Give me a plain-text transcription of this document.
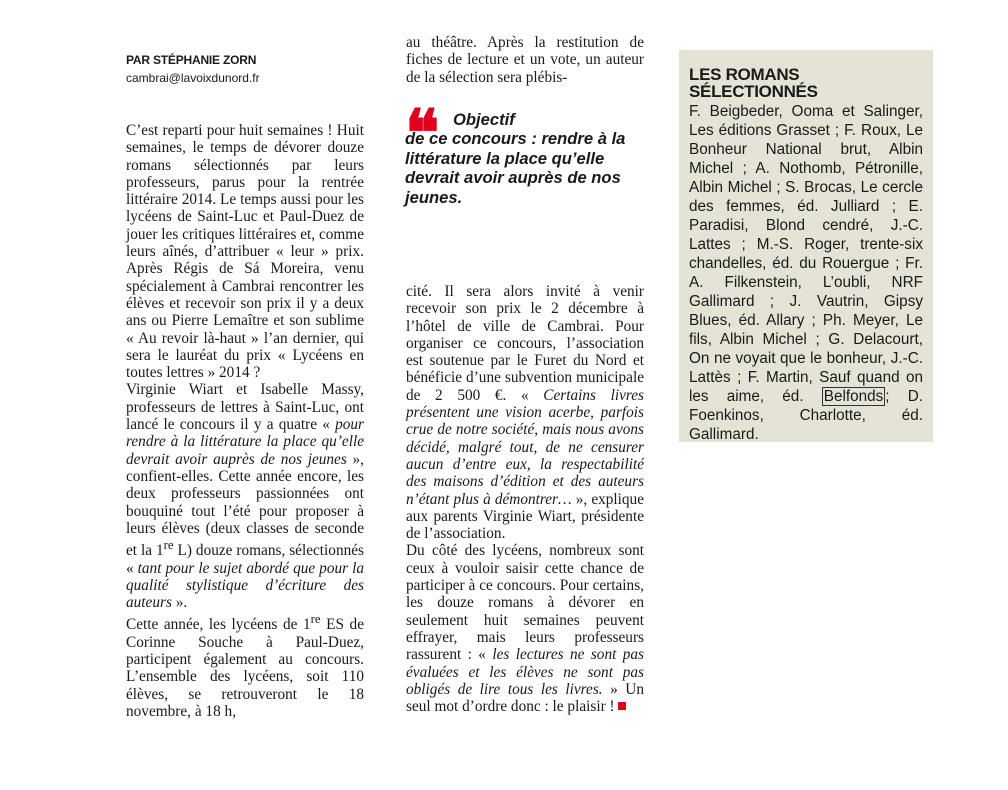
PAR STÉPHANIE ZORN
cambrai@lavoixdunord.fr

C’est reparti pour huit semaines ! Huit semaines, le temps de dévorer douze romans sélectionnés par leurs professeurs, parus pour la rentrée littéraire 2014. Le temps aussi pour les lycéens de Saint-Luc et Paul-Duez de jouer les critiques littéraires et, comme leurs aînés, d’attribuer « leur » prix. Après Régis de Sá Moreira, venu spécialement à Cambrai rencontrer les élèves et recevoir son prix il y a deux ans ou Pierre Lemaître et son sublime « Au revoir là-haut » l’an dernier, qui sera le lauréat du prix « Lycéens en toutes lettres » 2014 ?

Virginie Wiart et Isabelle Massy, professeurs de lettres à Saint-Luc, ont lancé le concours il y a quatre « pour rendre à la littérature la place qu’elle devrait avoir auprès de nos jeunes », confient-elles. Cette année encore, les deux professeurs passionnées ont bouquiné tout l’été pour proposer à leurs élèves (deux classes de seconde et la 1re L) douze romans, sélectionnés « tant pour le sujet abordé que pour la qualité stylistique d’écriture des auteurs ».

Cette année, les lycéens de 1re ES de Corinne Souche à Paul-Duez, participent également au concours. L’ensemble des lycéens, soit 110 élèves, se retrouveront le 18 novembre, à 18 h,

au théâtre. Après la restitution de fiches de lecture et un vote, un auteur de la sélection sera plébis-

❝ Objectif
de ce concours : rendre à la littérature la place qu’elle devrait avoir auprès de nos jeunes.

cité. Il sera alors invité à venir recevoir son prix le 2 décembre à l’hôtel de ville de Cambrai. Pour organiser ce concours, l’association est soutenue par le Furet du Nord et bénéficie d’une subvention municipale de 2 500 €. « Certains livres présentent une vision acerbe, parfois crue de notre société, mais nous avons décidé, malgré tout, de ne censurer aucun d’entre eux, la respectabilité des maisons d’édition et des auteurs n’étant plus à démontrer… », explique aux parents Virginie Wiart, présidente de l’association.

Du côté des lycéens, nombreux sont ceux à vouloir saisir cette chance de participer à ce concours. Pour certains, les douze romans à dévorer en seulement huit semaines peuvent effrayer, mais leurs professeurs rassurent : « les lectures ne sont pas évaluées et les élèves ne sont pas obligés de lire tous les livres. » Un seul mot d’ordre donc : le plaisir !

LES ROMANS
SÉLECTIONNÉS
F. Beigbeder, Ooma et Salinger, Les éditions Grasset ; F. Roux, Le Bonheur National brut, Albin Michel ; A. Nothomb, Pétronille, Albin Michel ; S. Brocas, Le cercle des femmes, éd. Julliard ; E. Paradisi, Blond cendré, J.-C. Lattes ; M.-S. Roger, trente-six chandelles, éd. du Rouergue ; Fr. A. Filkenstein, L’oubli, NRF Gallimard ; J. Vautrin, Gipsy Blues, éd. Allary ; Ph. Meyer, Le fils, Albin Michel ; G. Delacourt, On ne voyait que le bonheur, J.-C. Lattès ; F. Martin, Sauf quand on les aime, éd. Belfonds ; D. Foenkinos, Charlotte, éd. Gallimard.
